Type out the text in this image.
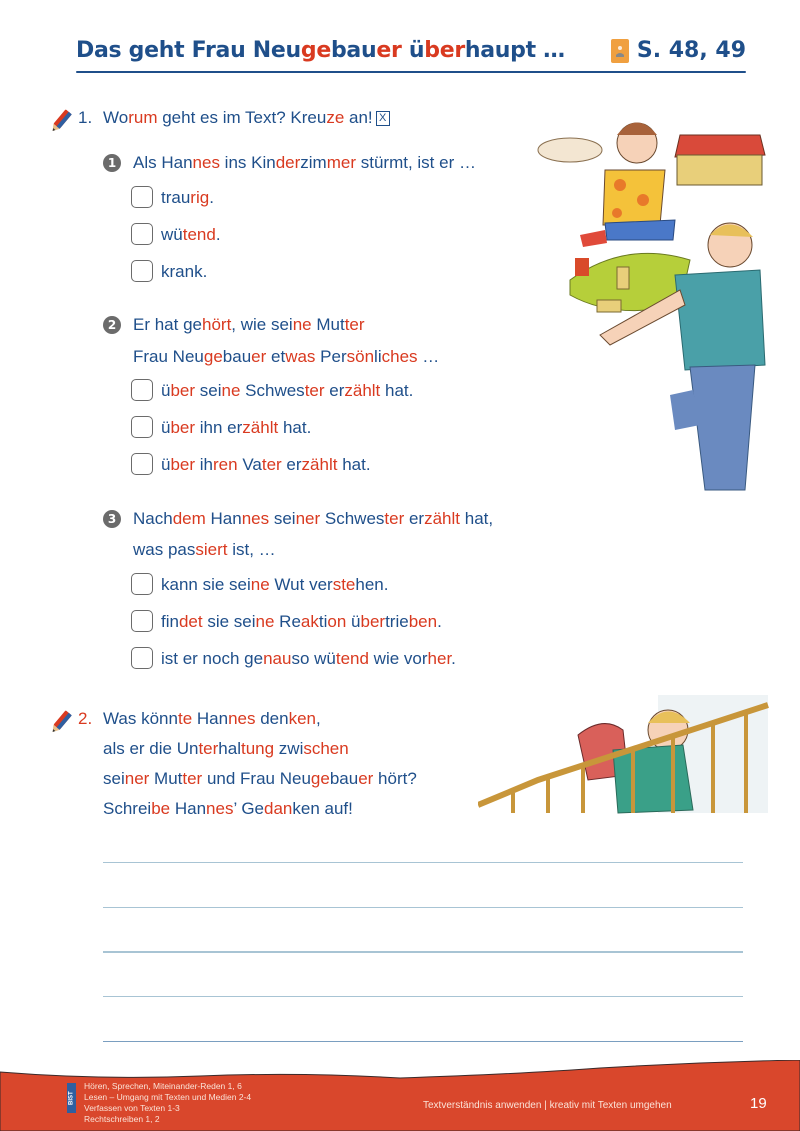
Das geht Frau Neugebauer überhaupt …	S. 48, 49
1. Worum geht es im Text? Kreuze an! X
1 Als Hannes ins Kinderzimmer stürmt, ist er …
traurig.
wütend.
krank.
2 Er hat gehört, wie seine Mutter
Frau Neugebauer etwas Persönliches …
über seine Schwester erzählt hat.
über ihn erzählt hat.
über ihren Vater erzählt hat.
3 Nachdem Hannes seiner Schwester erzählt hat,
was passiert ist, …
kann sie seine Wut verstehen.
findet sie seine Reaktion übertrieben.
ist er noch genauso wütend wie vorher.
2. Was könnte Hannes denken,
als er die Unterhaltung zwischen
seiner Mutter und Frau Neugebauer hört?
Schreibe Hannes’ Gedanken auf!
BIST
Hören, Sprechen, Miteinander-Reden 1, 6
Lesen – Umgang mit Texten und Medien 2-4
Verfassen von Texten 1-3
Rechtschreiben 1, 2
Textverständnis anwenden | kreativ mit Texten umgehen	19
